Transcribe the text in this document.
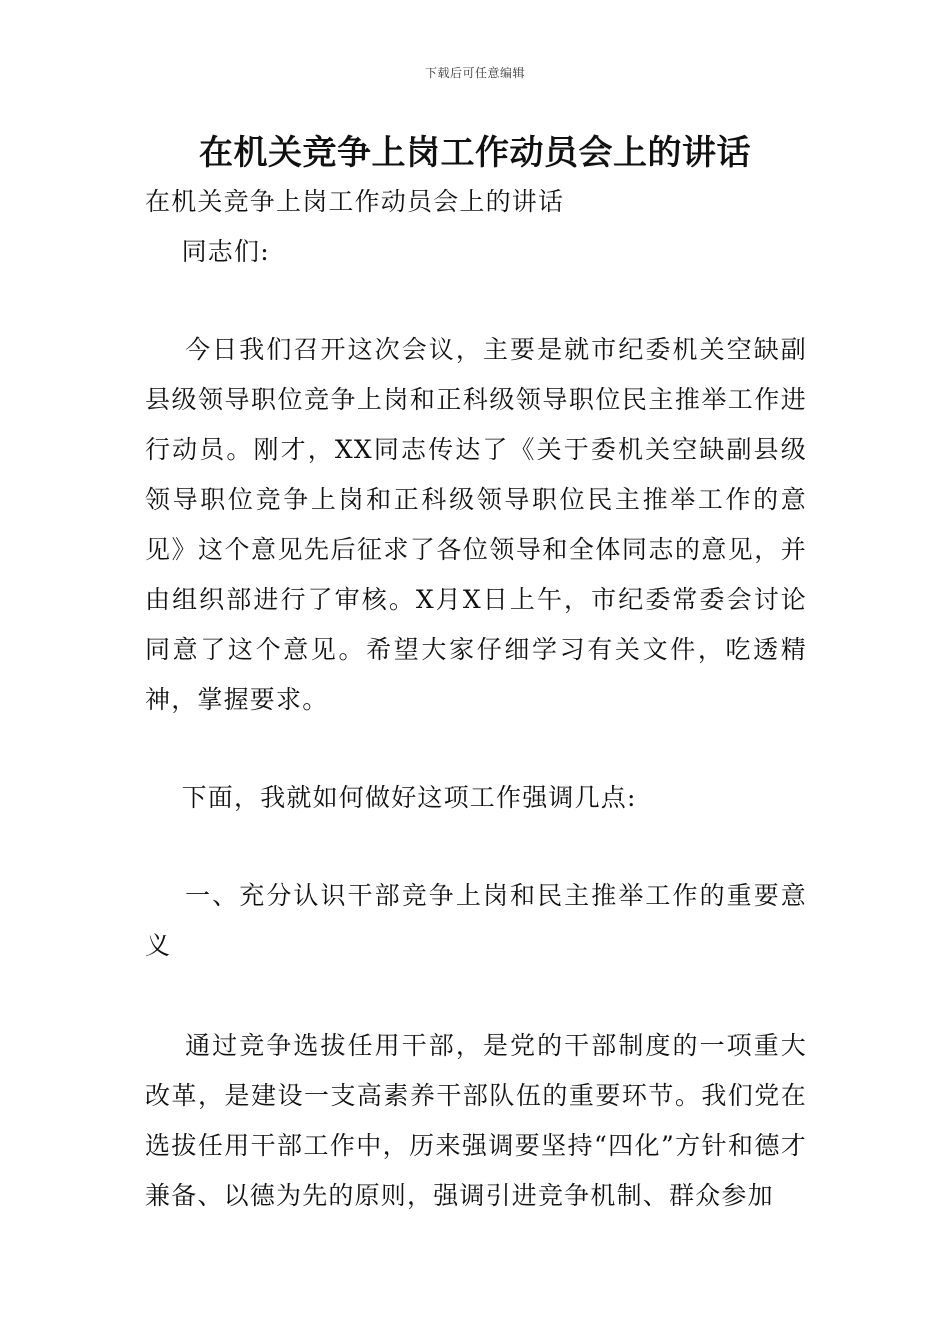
下载后可任意编辑
在机关竞争上岗工作动员会上的讲话
在机关竞争上岗工作动员会上的讲话
同志们:
今日我们召开这次会议，主要是就市纪委机关空缺副县级领导职位竞争上岗和正科级领导职位民主推举工作进行动员。刚才，XX同志传达了《关于委机关空缺副县级领导职位竞争上岗和正科级领导职位民主推举工作的意见》这个意见先后征求了各位领导和全体同志的意见，并由组织部进行了审核。X月X日上午，市纪委常委会讨论同意了这个意见。希望大家仔细学习有关文件，吃透精神，掌握要求。
下面，我就如何做好这项工作强调几点:
一、充分认识干部竞争上岗和民主推举工作的重要意义
通过竞争选拔任用干部，是党的干部制度的一项重大改革，是建设一支高素养干部队伍的重要环节。我们党在选拔任用干部工作中，历来强调要坚持“四化”方针和德才兼备、以德为先的原则，强调引进竞争机制、群众参加
